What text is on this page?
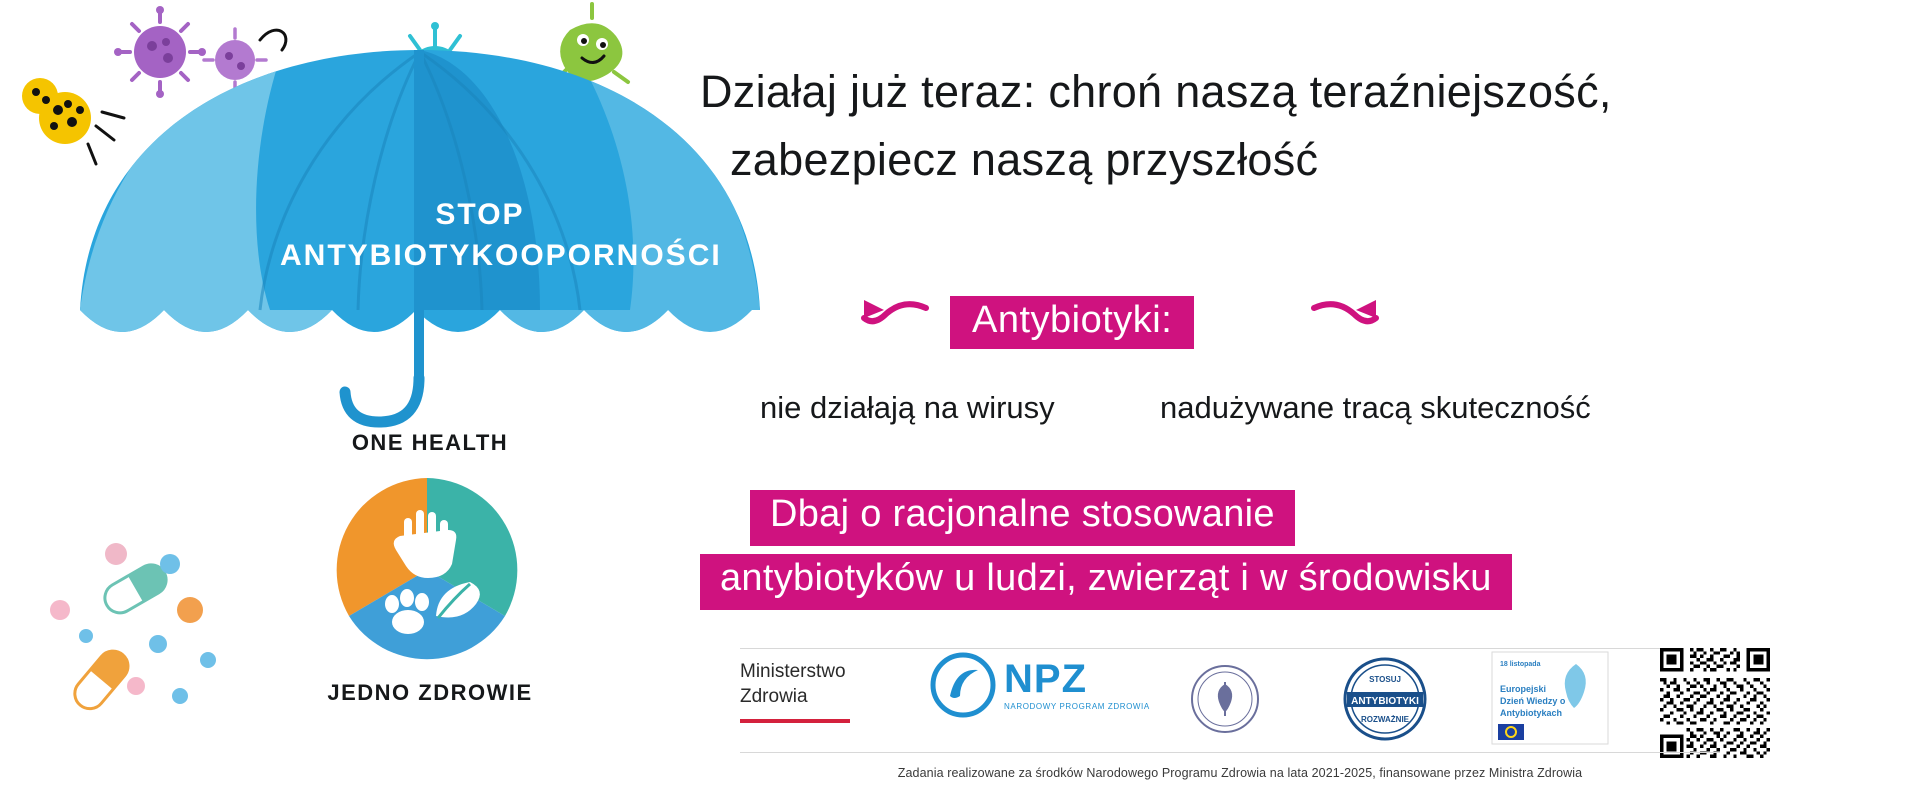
STOP
ANTYBIOTYKOOPORNOŚCI
ONE HEALTH
JEDNO ZDROWIE
Działaj już teraz: chroń naszą teraźniejszość,
zabezpiecz naszą przyszłość
Antybiotyki:
nie działają na wirusy	nadużywane tracą skuteczność
Dbaj o racjonalne stosowanie
antybiotyków u ludzi, zwierząt i w środowisku
Ministerstwo
Zdrowia	NPZ
NARODOWY PROGRAM ZDROWIA
STOSUJ
ANTYBIOTYKI
ROZWAŻNIE
18 listopada
Europejski
Dzień Wiedzy o
Antybiotykach
Zadania realizowane za środków Narodowego Programu Zdrowia na lata 2021-2025, finansowane przez Ministra Zdrowia
